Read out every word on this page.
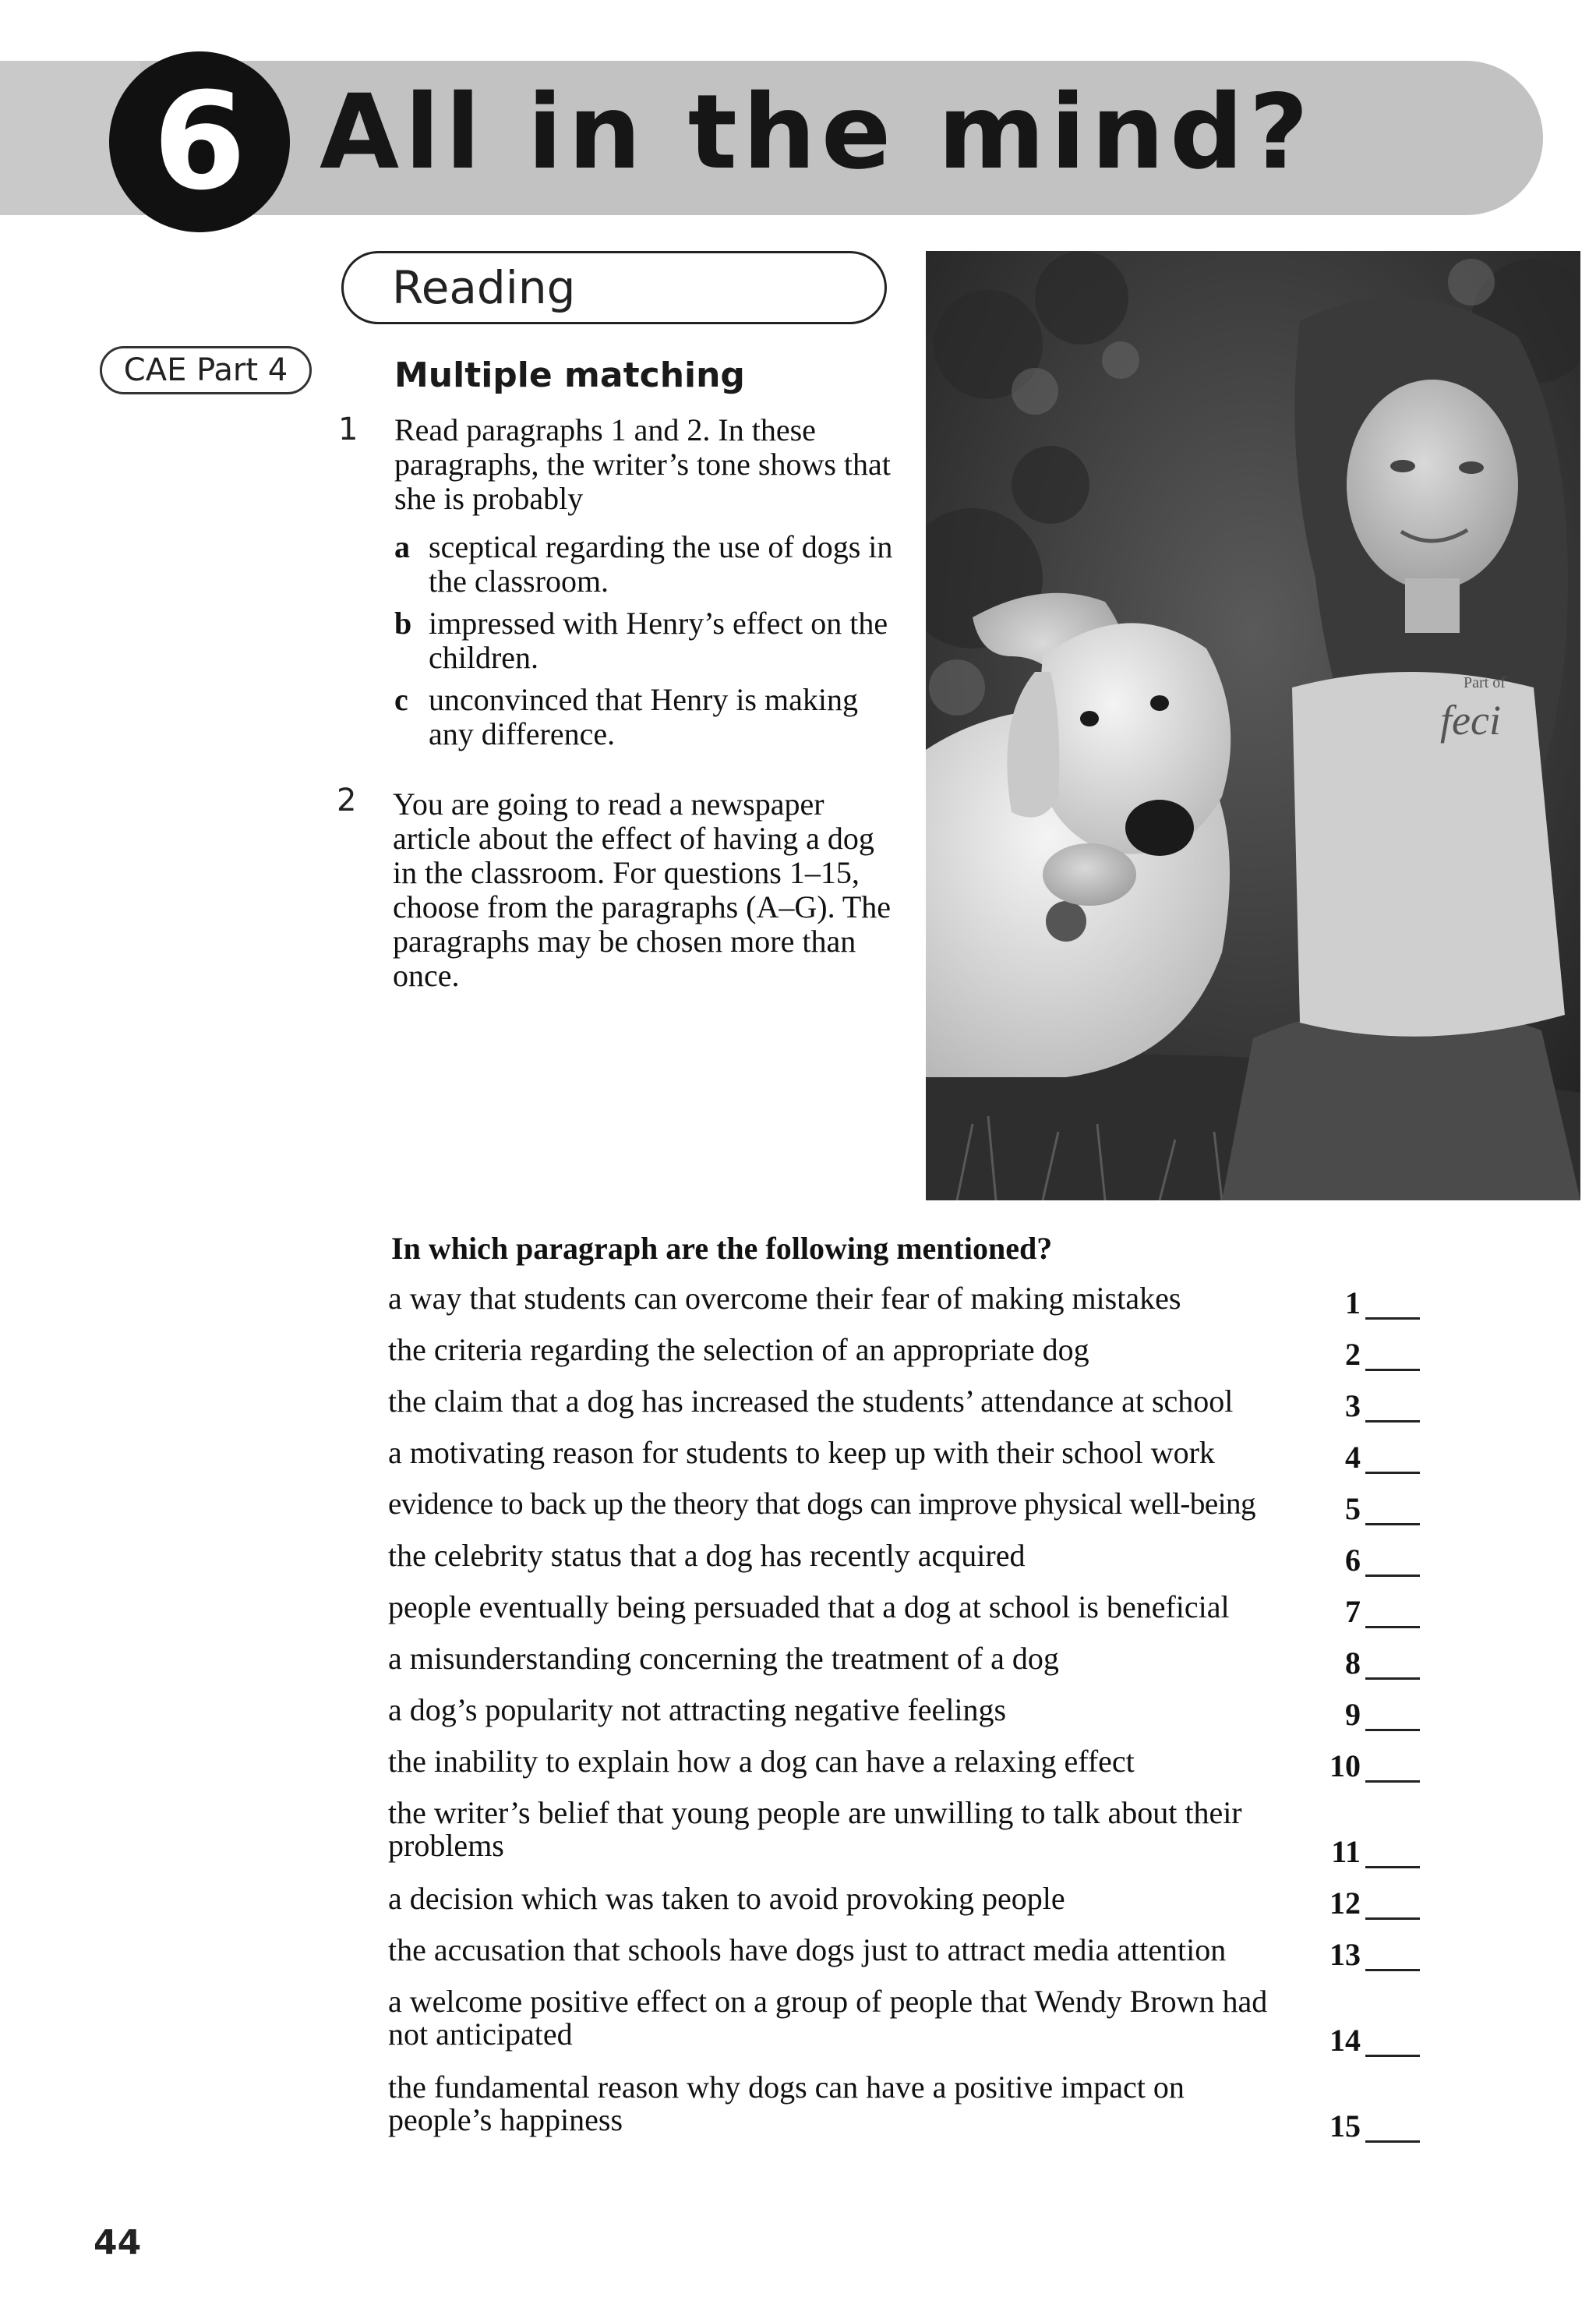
6 All in the mind?
Reading
CAE Part 4	Multiple matching
1 Read paragraphs 1 and 2. In these paragraphs, the writer’s tone shows that she is probably
a sceptical regarding the use of dogs in the classroom.
b impressed with Henry’s effect on the children.
c unconvinced that Henry is making any difference.
2 You are going to read a newspaper article about the effect of having a dog in the classroom. For questions 1–15, choose from the paragraphs (A–G). The paragraphs may be chosen more than once.
Part of
feci
In which paragraph are the following mentioned?
a way that students can overcome their fear of making mistakes	1
the criteria regarding the selection of an appropriate dog	2
the claim that a dog has increased the students’ attendance at school	3
a motivating reason for students to keep up with their school work	4
evidence to back up the theory that dogs can improve physical well-being	5
the celebrity status that a dog has recently acquired	6
people eventually being persuaded that a dog at school is beneficial	7
a misunderstanding concerning the treatment of a dog	8
a dog’s popularity not attracting negative feelings	9
the inability to explain how a dog can have a relaxing effect	10
the writer’s belief that young people are unwilling to talk about their problems	11
a decision which was taken to avoid provoking people	12
the accusation that schools have dogs just to attract media attention	13
a welcome positive effect on a group of people that Wendy Brown had not anticipated	14
the fundamental reason why dogs can have a positive impact on people’s happiness	15
44
